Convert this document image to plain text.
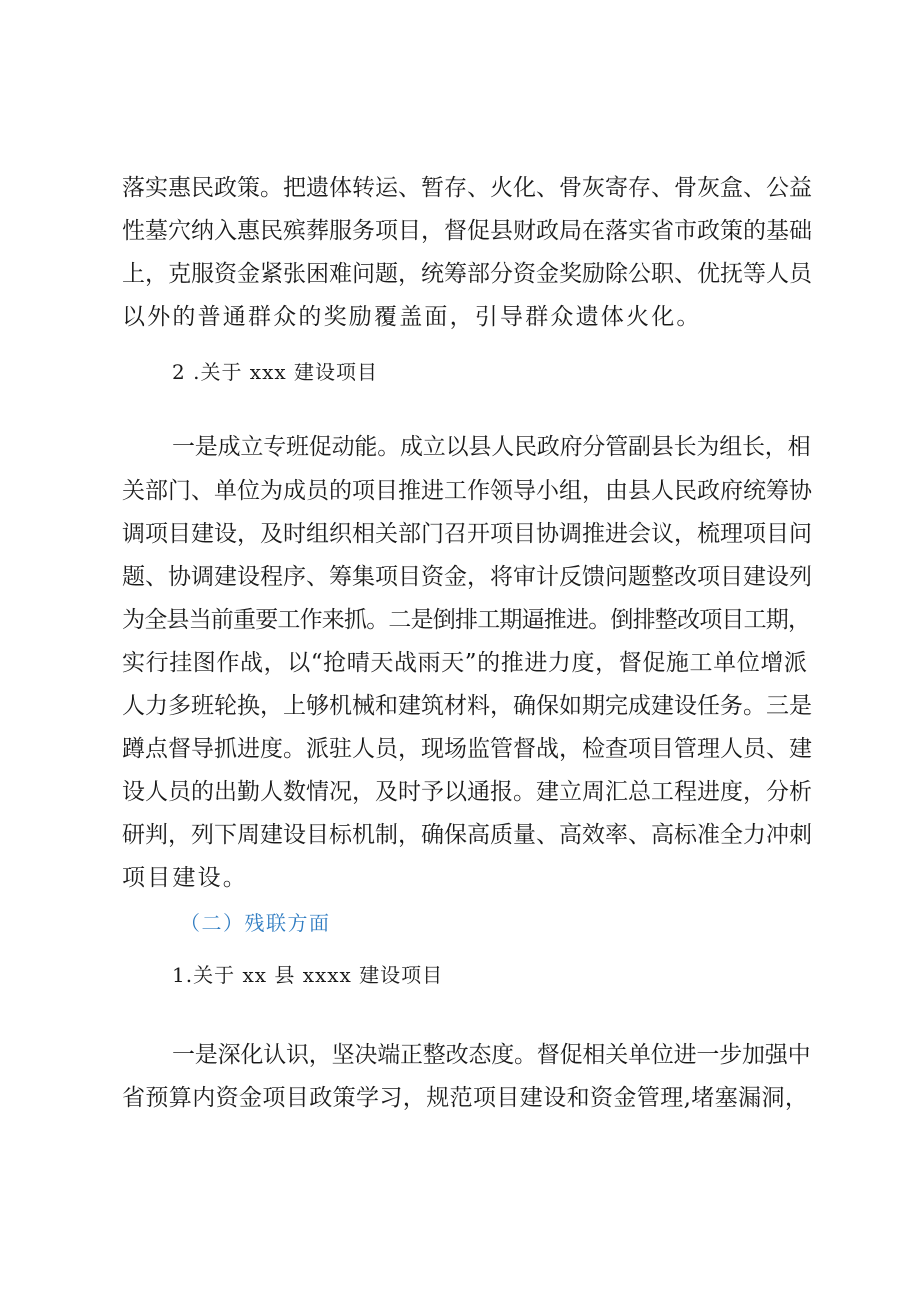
落实惠民政策。把遗体转运、暂存、火化、骨灰寄存、骨灰盒、公益
性墓穴纳入惠民殡葬服务项目，督促县财政局在落实省市政策的基础
上，克服资金紧张困难问题，统筹部分资金奖励除公职、优抚等人员
以外的普通群众的奖励覆盖面，引导群众遗体火化。
2 .关于 xxx 建设项目
一是成立专班促动能。成立以县人民政府分管副县长为组长，相
关部门、单位为成员的项目推进工作领导小组，由县人民政府统筹协
调项目建设，及时组织相关部门召开项目协调推进会议，梳理项目问
题、协调建设程序、筹集项目资金，将审计反馈问题整改项目建设列
为全县当前重要工作来抓。二是倒排工期逼推进。倒排整改项目工期，
实行挂图作战，以“抢晴天战雨天”的推进力度，督促施工单位增派
人力多班轮换，上够机械和建筑材料，确保如期完成建设任务。三是
蹲点督导抓进度。派驻人员，现场监管督战，检查项目管理人员、建
设人员的出勤人数情况，及时予以通报。建立周汇总工程进度，分析
研判，列下周建设目标机制，确保高质量、高效率、高标准全力冲刺
项目建设。
（二）残联方面
1.关于 xx 县 xxxx 建设项目
一是深化认识，坚决端正整改态度。督促相关单位进一步加强中
省预算内资金项目政策学习，规范项目建设和资金管理,堵塞漏洞，
